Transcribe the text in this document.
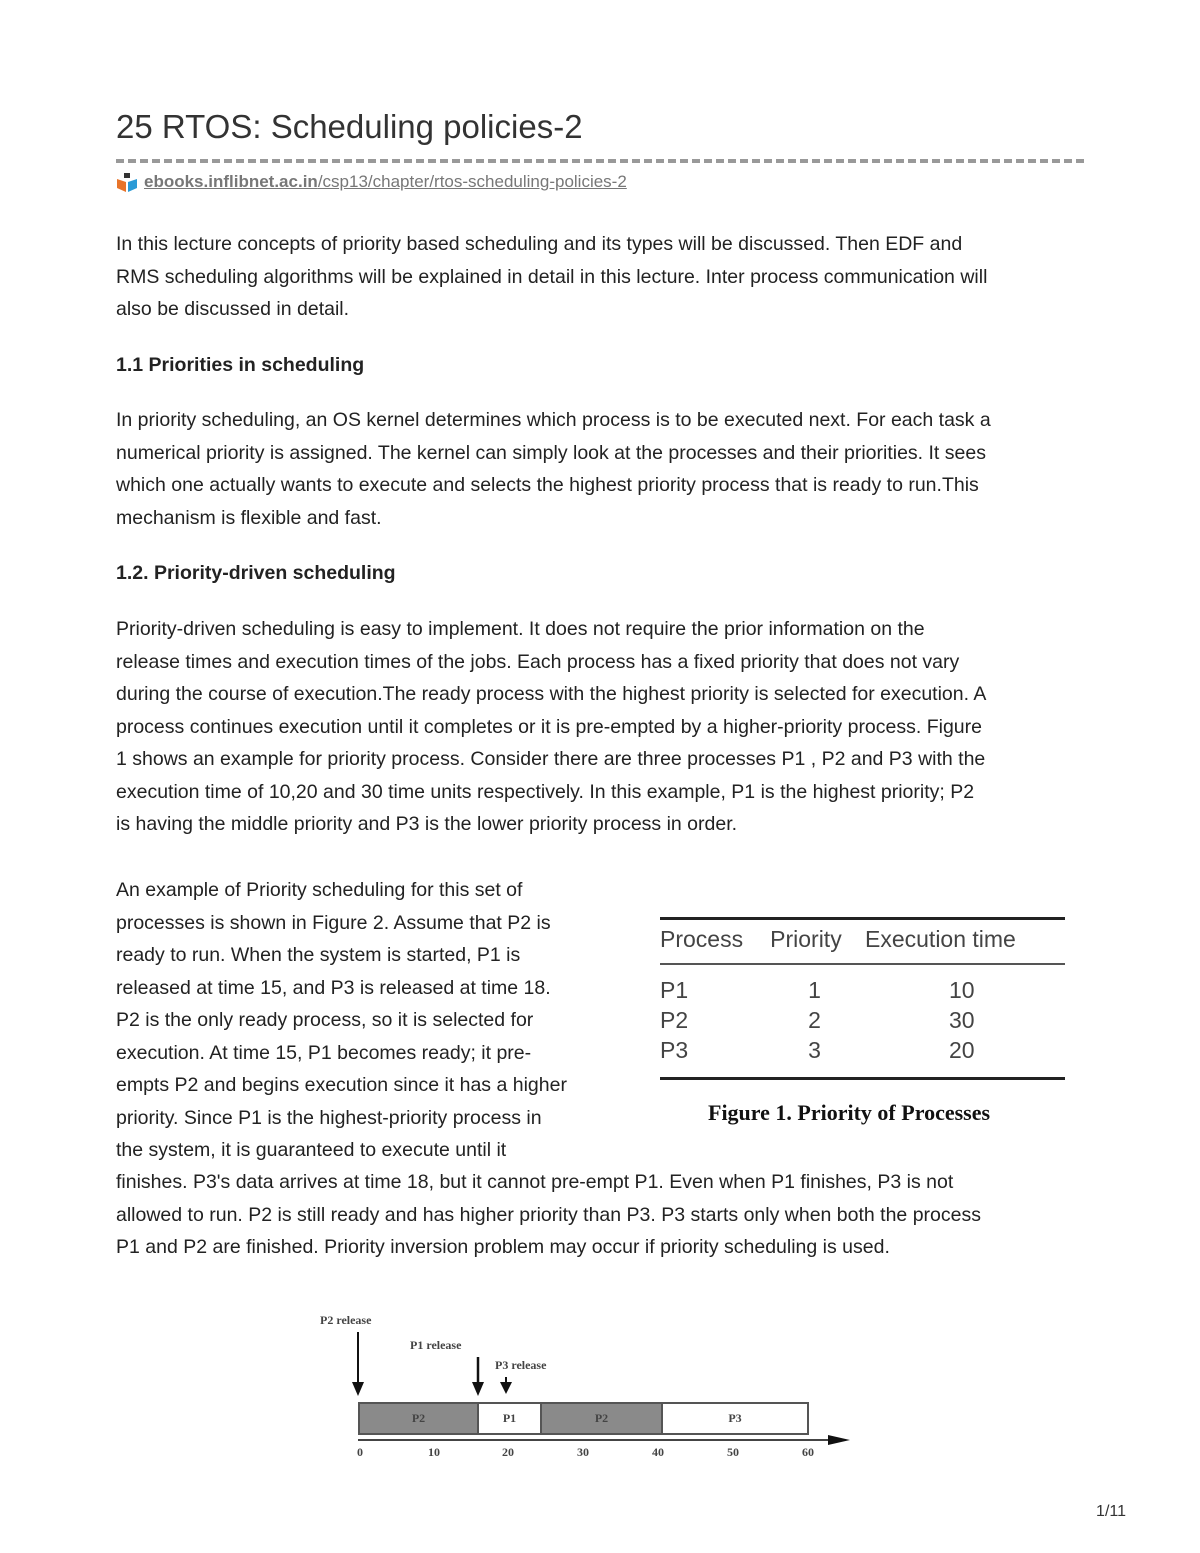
25 RTOS: Scheduling policies-2
ebooks.inflibnet.ac.in/csp13/chapter/rtos-scheduling-policies-2
In this lecture concepts of priority based scheduling and its types will be discussed. Then EDF and
RMS scheduling algorithms will be explained in detail in this lecture. Inter process communication will
also be discussed in detail.
1.1 Priorities in scheduling
In priority scheduling, an OS kernel determines which process is to be executed next. For each task a
numerical priority is assigned. The kernel can simply look at the processes and their priorities. It sees
which one actually wants to execute and selects the highest priority process that is ready to run.This
mechanism is flexible and fast.
1.2. Priority-driven scheduling
Priority-driven scheduling is easy to implement. It does not require the prior information on the
release times and execution times of the jobs. Each process has a fixed priority that does not vary
during the course of execution.The ready process with the highest priority is selected for execution. A
process continues execution until it completes or it is pre-empted by a higher-priority process. Figure
1 shows an example for priority process. Consider there are three processes P1 , P2 and P3 with the
execution time of 10,20 and 30 time units respectively. In this example, P1 is the highest priority; P2
is having the middle priority and P3 is the lower priority process in order.
An example of Priority scheduling for this set of
processes is shown in Figure 2. Assume that P2 is
ready to run. When the system is started, P1 is
released at time 15, and P3 is released at time 18.
P2 is the only ready process, so it is selected for
execution. At time 15, P1 becomes ready; it pre-
empts P2 and begins execution since it has a higher
priority. Since P1 is the highest-priority process in
the system, it is guaranteed to execute until it
finishes. P3's data arrives at time 18, but it cannot pre-empt P1. Even when P1 finishes, P3 is not
allowed to run. P2 is still ready and has higher priority than P3. P3 starts only when both the process
P1 and P2 are finished. Priority inversion problem may occur if priority scheduling is used.
Process	Priority	Execution time
P1	1	10
P2	2	30
P3	3	20
Figure 1. Priority of Processes
P2 release
P1 release
P3 release
P2	P1	P2	P3
0	10	20	30	40	50	60
1/11
